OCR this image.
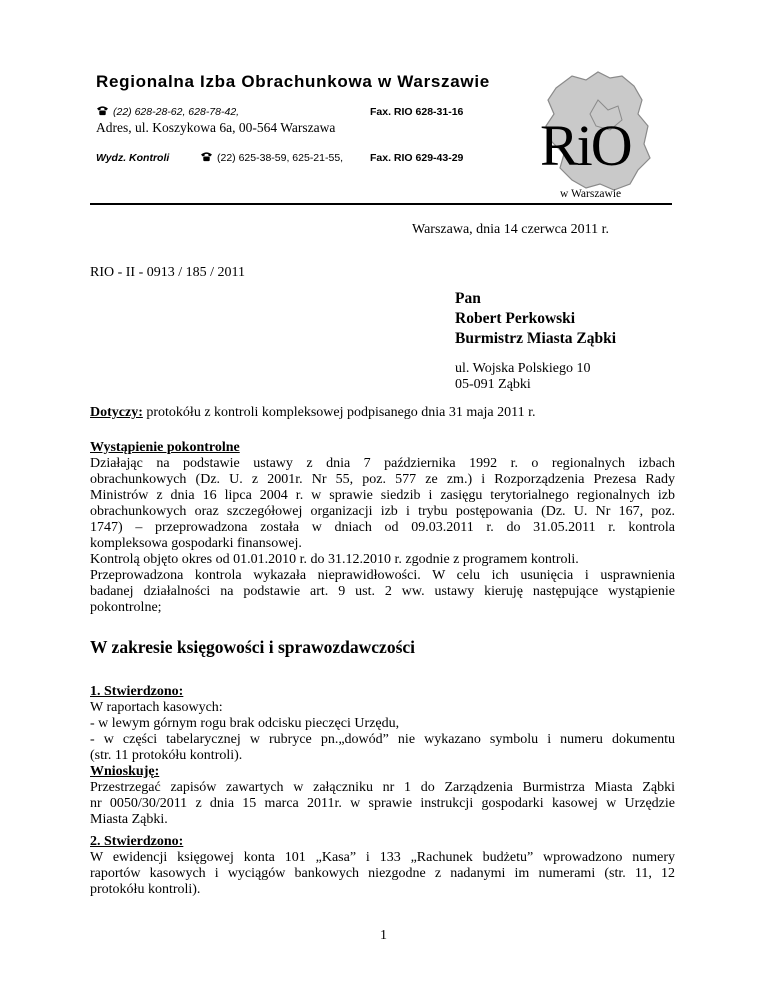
Regionalna Izba Obrachunkowa w Warszawie
(22) 628-28-62, 628-78-42,	Fax. RIO 628-31-16
Adres, ul. Koszykowa 6a, 00-564 Warszawa
Wydz. Kontroli	(22) 625-38-59, 625-21-55,	Fax. RIO 629-43-29 RiO
w Warszawie
Warszawa, dnia 14 czerwca 2011 r.
RIO - II - 0913 / 185 / 2011
Pan
Robert Perkowski
Burmistrz Miasta Ząbki
ul. Wojska Polskiego 10
05-091 Ząbki
Dotyczy: protokółu z kontroli kompleksowej podpisanego dnia 31 maja 2011 r.
Wystąpienie pokontrolne
Działając na podstawie ustawy z dnia 7 października 1992 r. o regionalnych izbach
obrachunkowych (Dz. U. z 2001r. Nr 55, poz. 577 ze zm.) i Rozporządzenia Prezesa Rady
Ministrów z dnia 16 lipca 2004 r. w sprawie siedzib i zasięgu terytorialnego regionalnych izb
obrachunkowych oraz szczegółowej organizacji izb i trybu postępowania (Dz. U. Nr 167, poz.
1747) – przeprowadzona została w dniach od 09.03.2011 r. do 31.05.2011 r. kontrola
kompleksowa gospodarki finansowej.
Kontrolą objęto okres od 01.01.2010 r. do 31.12.2010 r. zgodnie z programem kontroli.
Przeprowadzona kontrola wykazała nieprawidłowości. W celu ich usunięcia i usprawnienia
badanej działalności na podstawie art. 9 ust. 2 ww. ustawy kieruję następujące wystąpienie
pokontrolne;
W zakresie księgowości i sprawozdawczości
1. Stwierdzono:
W raportach kasowych:
- w lewym górnym rogu brak odcisku pieczęci Urzędu,
- w części tabelarycznej w rubryce pn.„dowód” nie wykazano symbolu i numeru dokumentu
(str. 11 protokółu kontroli).
Wnioskuję:
Przestrzegać zapisów zawartych w załączniku nr 1 do Zarządzenia Burmistrza Miasta Ząbki
nr 0050/30/2011 z dnia 15 marca 2011r. w sprawie instrukcji gospodarki kasowej w Urzędzie
Miasta Ząbki.
2. Stwierdzono:
W ewidencji księgowej konta 101 „Kasa” i 133 „Rachunek budżetu” wprowadzono numery
raportów kasowych i wyciągów bankowych niezgodne z nadanymi im numerami (str. 11, 12
protokółu kontroli).
1
